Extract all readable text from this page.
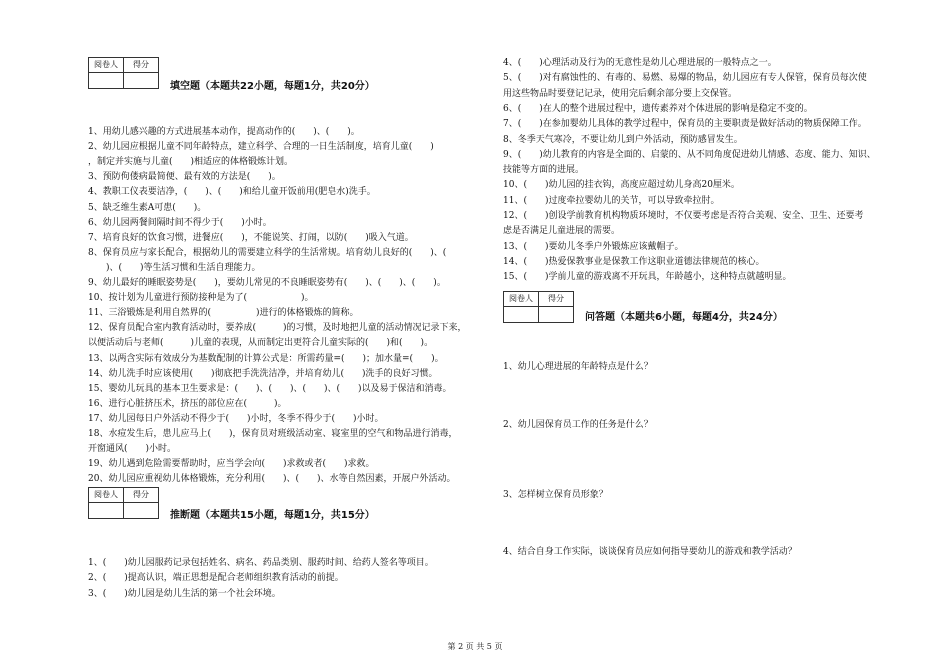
阅卷人	得分
填空题（本题共22小题，每题1分，共20分）
1、用幼儿感兴趣的方式进展基本动作，提高动作的(　　)、(　　)。
2、幼儿园应根据儿童不同年龄特点，建立科学、合理的一日生活制度，培育儿童(　　)
，制定并实施与儿童(　　)相适应的体格锻炼计划。
3、预防佝偻病最简便、最有效的方法是(　　)。
4、教职工仪表要洁净，(　　)、(　　)和给儿童开饭前用(肥皂水)洗手。
5、缺乏维生素A可患(　　)。
6、幼儿园两餐间隔时间不得少于(　　)小时。
7、培育良好的饮食习惯，进餐应(　　)，不能说笑、打闹，以防(　　)吸入气道。
8、保育员应与家长配合，根据幼儿的需要建立科学的生活常规。培育幼儿良好的(　　)、(
　　)、(　　)等生活习惯和生活自理能力。
9、幼儿最好的睡眠姿势是(　　)，要幼儿常见的不良睡眠姿势有(　　)、(　　)、(　　)。
10、按计划为儿童进行预防接种是为了(　　　　　　)。
11、三浴锻炼是利用自然界的(　　　　　)进行的体格锻炼的简称。
12、保育员配合室内教育活动时，要养成(　　　)的习惯，及时地把儿童的活动情况记录下来，
以便活动后与老师(　　　)儿童的表现，从而制定出更符合儿童实际的(　　)和(　　)。
13、以两含实际有效成分为基数配制的计算公式是：所需药量=(　　)；加水量=(　　)。
14、幼儿洗手时应该使用(　　)彻底把手洗洗洁净，并培育幼儿(　　)洗手的良好习惯。
15、婴幼儿玩具的基本卫生要求是：(　　)、(　　)、(　　)、(　　)以及易于保洁和消毒。
16、进行心脏挤压术，挤压的部位应在(　　　)。
17、幼儿园每日户外活动不得少于(　　)小时，冬季不得少于(　　)小时。
18、水痘发生后，患儿应马上(　　)，保育员对班级活动室、寝室里的空气和物品进行消毒，
开窗通风(　　)小时。
19、幼儿遇到危险需要帮助时，应当学会向(　　)求救或者(　　)求救。
20、幼儿园应重视幼儿体格锻炼，充分利用(　　)、(　　)、水等自然因素，开展户外活动。
阅卷人	得分
推断题（本题共15小题，每题1分，共15分）
1、(　　)幼儿园服药记录包括姓名、病名、药品类别、服药时间、给药人签名等项目。
2、(　　)提高认识，端正思想是配合老师组织教育活动的前提。
3、(　　)幼儿园是幼儿生活的第一个社会环境。
4、(　　)心理活动及行为的无意性是幼儿心理进展的一般特点之一。
5、(　　)对有腐蚀性的、有毒的、易燃、易爆的物品，幼儿园应有专人保管，保育员每次使
用这些物品时要登记记录，使用完后剩余部分要上交保管。
6、(　　)在人的整个进展过程中，遗传素养对个体进展的影响是稳定不变的。
7、(　　)在参加婴幼儿具体的教学过程中，保育员的主要职责是做好活动的物质保障工作。
8、冬季天气寒冷，不要让幼儿到户外活动，预防感冒发生。
9、(　　)幼儿教育的内容是全面的、启蒙的、从不同角度促进幼儿情感、态度、能力、知识、
技能等方面的进展。
10、(　　)幼儿园的挂衣钩，高度应超过幼儿身高20厘米。
11、(　　)过度牵拉婴幼儿的关节，可以导致牵拉肘。
12、(　　)创设学前教育机构物质环境时，不仅要考虑是否符合美观、安全、卫生、还要考
虑是否满足儿童进展的需要。
13、(　　)要幼儿冬季户外锻炼应该戴帽子。
14、(　　)热爱保教事业是保教工作这职业道德法律规范的核心。
15、(　　)学前儿童的游戏离不开玩具，年龄越小，这种特点就越明显。
阅卷人	得分
问答题（本题共6小题，每题4分，共24分）
1、幼儿心理进展的年龄特点是什么？
2、幼儿园保育员工作的任务是什么？
3、怎样树立保育员形象？
4、结合自身工作实际，谈谈保育员应如何指导要幼儿的游戏和教学活动？
第 2 页 共 5 页
